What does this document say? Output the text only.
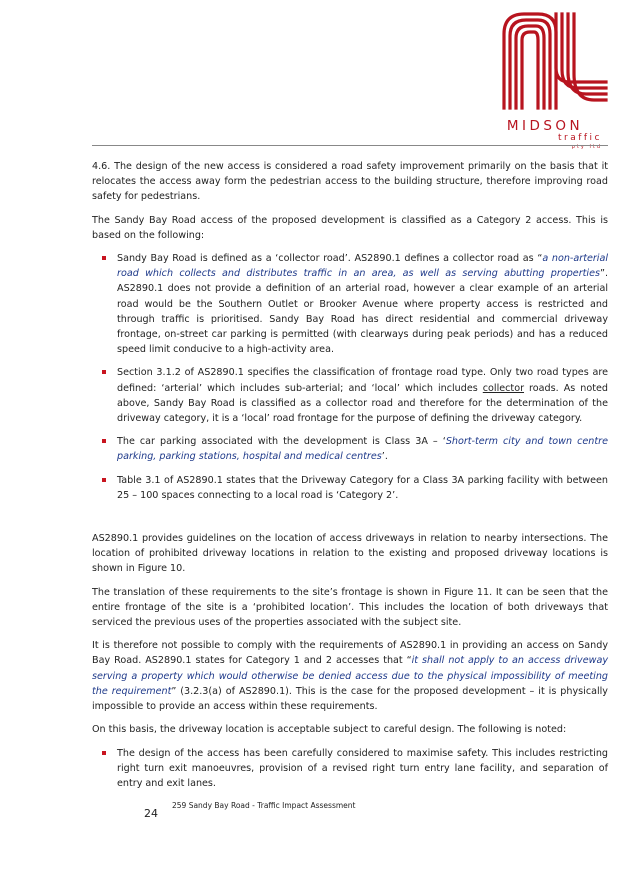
MIDSON
traffic
pty ltd

4.6. The design of the new access is considered a road safety improvement primarily on the basis that it relocates the access away form the pedestrian access to the building structure, therefore improving road safety for pedestrians.

The Sandy Bay Road access of the proposed development is classified as a Category 2 access. This is based on the following:

Sandy Bay Road is defined as a ‘collector road’. AS2890.1 defines a collector road as “a non-arterial road which collects and distributes traffic in an area, as well as serving abutting properties”. AS2890.1 does not provide a definition of an arterial road, however a clear example of an arterial road would be the Southern Outlet or Brooker Avenue where property access is restricted and through traffic is prioritised. Sandy Bay Road has direct residential and commercial driveway frontage, on-street car parking is permitted (with clearways during peak periods) and has a reduced speed limit conducive to a high-activity area.
Section 3.1.2 of AS2890.1 specifies the classification of frontage road type. Only two road types are defined: ‘arterial’ which includes sub-arterial; and ‘local’ which includes collector roads. As noted above, Sandy Bay Road is classified as a collector road and therefore for the determination of the driveway category, it is a ‘local’ road frontage for the purpose of defining the driveway category.
The car parking associated with the development is Class 3A – ‘Short-term city and town centre parking, parking stations, hospital and medical centres’.
Table 3.1 of AS2890.1 states that the Driveway Category for a Class 3A parking facility with between 25 – 100 spaces connecting to a local road is ‘Category 2’.

AS2890.1 provides guidelines on the location of access driveways in relation to nearby intersections. The location of prohibited driveway locations in relation to the existing and proposed driveway locations is shown in Figure 10.

The translation of these requirements to the site’s frontage is shown in Figure 11. It can be seen that the entire frontage of the site is a ‘prohibited location’. This includes the location of both driveways that serviced the previous uses of the properties associated with the subject site.

It is therefore not possible to comply with the requirements of AS2890.1 in providing an access on Sandy Bay Road. AS2890.1 states for Category 1 and 2 accesses that “it shall not apply to an access driveway serving a property which would otherwise be denied access due to the physical impossibility of meeting the requirement” (3.2.3(a) of AS2890.1). This is the case for the proposed development – it is physically impossible to provide an access within these requirements.

On this basis, the driveway location is acceptable subject to careful design. The following is noted:

The design of the access has been carefully considered to maximise safety. This includes restricting right turn exit manoeuvres, provision of a revised right turn entry lane facility, and separation of entry and exit lanes.
24
259 Sandy Bay Road - Traffic Impact Assessment
